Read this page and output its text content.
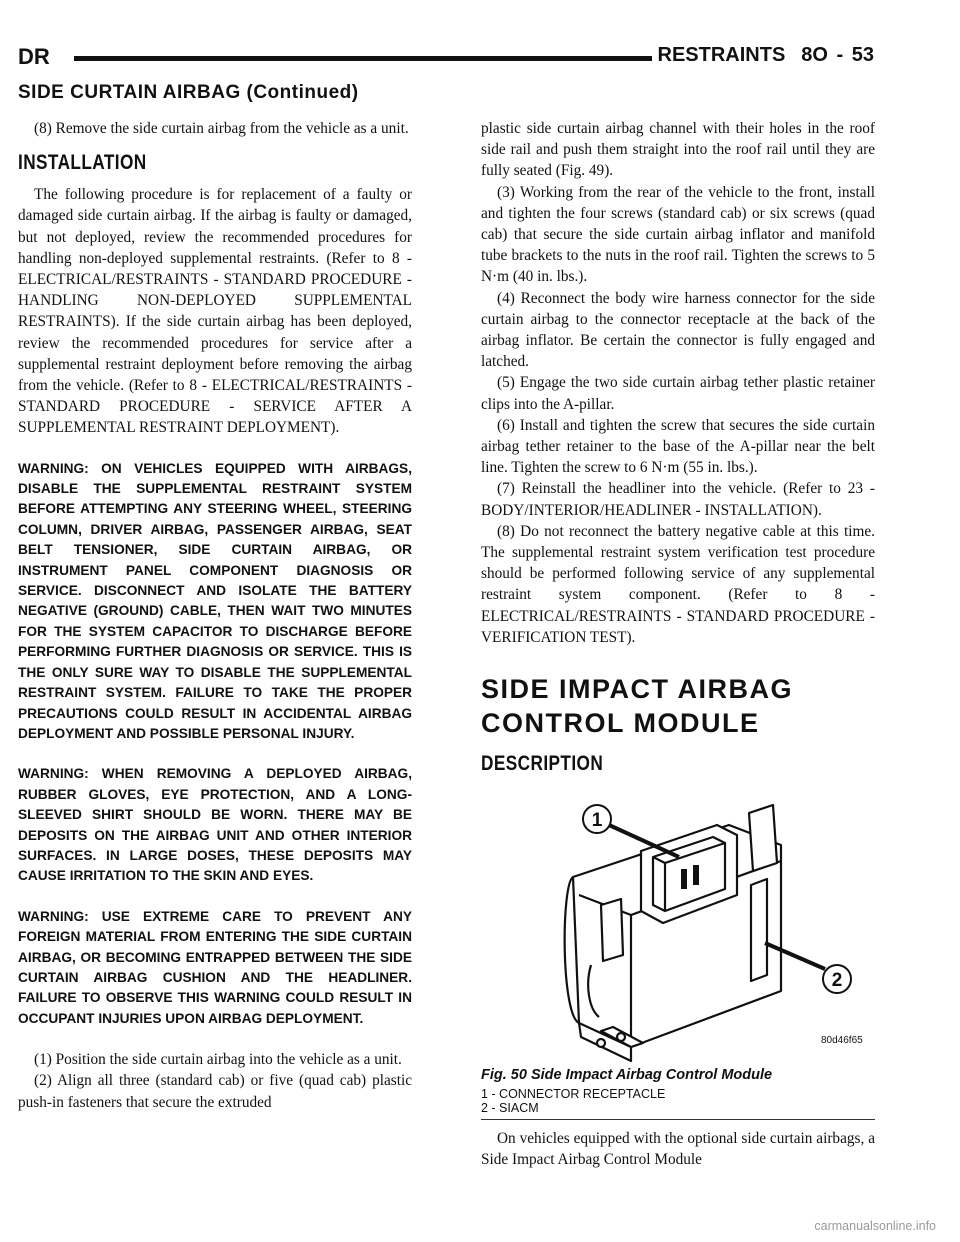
DR	RESTRAINTS 8O - 53
SIDE CURTAIN AIRBAG (Continued)

(8) Remove the side curtain airbag from the vehicle as a unit.

INSTALLATION

The following procedure is for replacement of a faulty or damaged side curtain airbag. If the airbag is faulty or damaged, but not deployed, review the recommended procedures for handling non-deployed supplemental restraints. (Refer to 8 - ELECTRICAL/RESTRAINTS - STANDARD PROCEDURE - HANDLING NON-DEPLOYED SUPPLEMENTAL RESTRAINTS). If the side curtain airbag has been deployed, review the recommended procedures for service after a supplemental restraint deployment before removing the airbag from the vehicle. (Refer to 8 - ELECTRICAL/RESTRAINTS - STANDARD PROCEDURE - SERVICE AFTER A SUPPLEMENTAL RESTRAINT DEPLOYMENT).

WARNING: ON VEHICLES EQUIPPED WITH AIRBAGS, DISABLE THE SUPPLEMENTAL RESTRAINT SYSTEM BEFORE ATTEMPTING ANY STEERING WHEEL, STEERING COLUMN, DRIVER AIRBAG, PASSENGER AIRBAG, SEAT BELT TENSIONER, SIDE CURTAIN AIRBAG, OR INSTRUMENT PANEL COMPONENT DIAGNOSIS OR SERVICE. DISCONNECT AND ISOLATE THE BATTERY NEGATIVE (GROUND) CABLE, THEN WAIT TWO MINUTES FOR THE SYSTEM CAPACITOR TO DISCHARGE BEFORE PERFORMING FURTHER DIAGNOSIS OR SERVICE. THIS IS THE ONLY SURE WAY TO DISABLE THE SUPPLEMENTAL RESTRAINT SYSTEM. FAILURE TO TAKE THE PROPER PRECAUTIONS COULD RESULT IN ACCIDENTAL AIRBAG DEPLOYMENT AND POSSIBLE PERSONAL INJURY.

WARNING: WHEN REMOVING A DEPLOYED AIRBAG, RUBBER GLOVES, EYE PROTECTION, AND A LONG-SLEEVED SHIRT SHOULD BE WORN. THERE MAY BE DEPOSITS ON THE AIRBAG UNIT AND OTHER INTERIOR SURFACES. IN LARGE DOSES, THESE DEPOSITS MAY CAUSE IRRITATION TO THE SKIN AND EYES.

WARNING: USE EXTREME CARE TO PREVENT ANY FOREIGN MATERIAL FROM ENTERING THE SIDE CURTAIN AIRBAG, OR BECOMING ENTRAPPED BETWEEN THE SIDE CURTAIN AIRBAG CUSHION AND THE HEADLINER. FAILURE TO OBSERVE THIS WARNING COULD RESULT IN OCCUPANT INJURIES UPON AIRBAG DEPLOYMENT.

(1) Position the side curtain airbag into the vehicle as a unit.

(2) Align all three (standard cab) or five (quad cab) plastic push-in fasteners that secure the extruded

plastic side curtain airbag channel with their holes in the roof side rail and push them straight into the roof rail until they are fully seated (Fig. 49).

(3) Working from the rear of the vehicle to the front, install and tighten the four screws (standard cab) or six screws (quad cab) that secure the side curtain airbag inflator and manifold tube brackets to the nuts in the roof rail. Tighten the screws to 5 N·m (40 in. lbs.).

(4) Reconnect the body wire harness connector for the side curtain airbag to the connector receptacle at the back of the airbag inflator. Be certain the connector is fully engaged and latched.

(5) Engage the two side curtain airbag tether plastic retainer clips into the A-pillar.

(6) Install and tighten the screw that secures the side curtain airbag tether retainer to the base of the A-pillar near the belt line. Tighten the screw to 6 N·m (55 in. lbs.).

(7) Reinstall the headliner into the vehicle. (Refer to 23 - BODY/INTERIOR/HEADLINER - INSTALLATION).

(8) Do not reconnect the battery negative cable at this time. The supplemental restraint system verification test procedure should be performed following service of any supplemental restraint system component. (Refer to 8 - ELECTRICAL/RESTRAINTS - STANDARD PROCEDURE - VERIFICATION TEST).

SIDE IMPACT AIRBAG
CONTROL MODULE
DESCRIPTION
1
2
80d46f65
Fig. 50 Side Impact Airbag Control Module

1 - CONNECTOR RECEPTACLE

2 - SIACM

On vehicles equipped with the optional side curtain airbags, a Side Impact Airbag Control Module

carmanualsonline.info
